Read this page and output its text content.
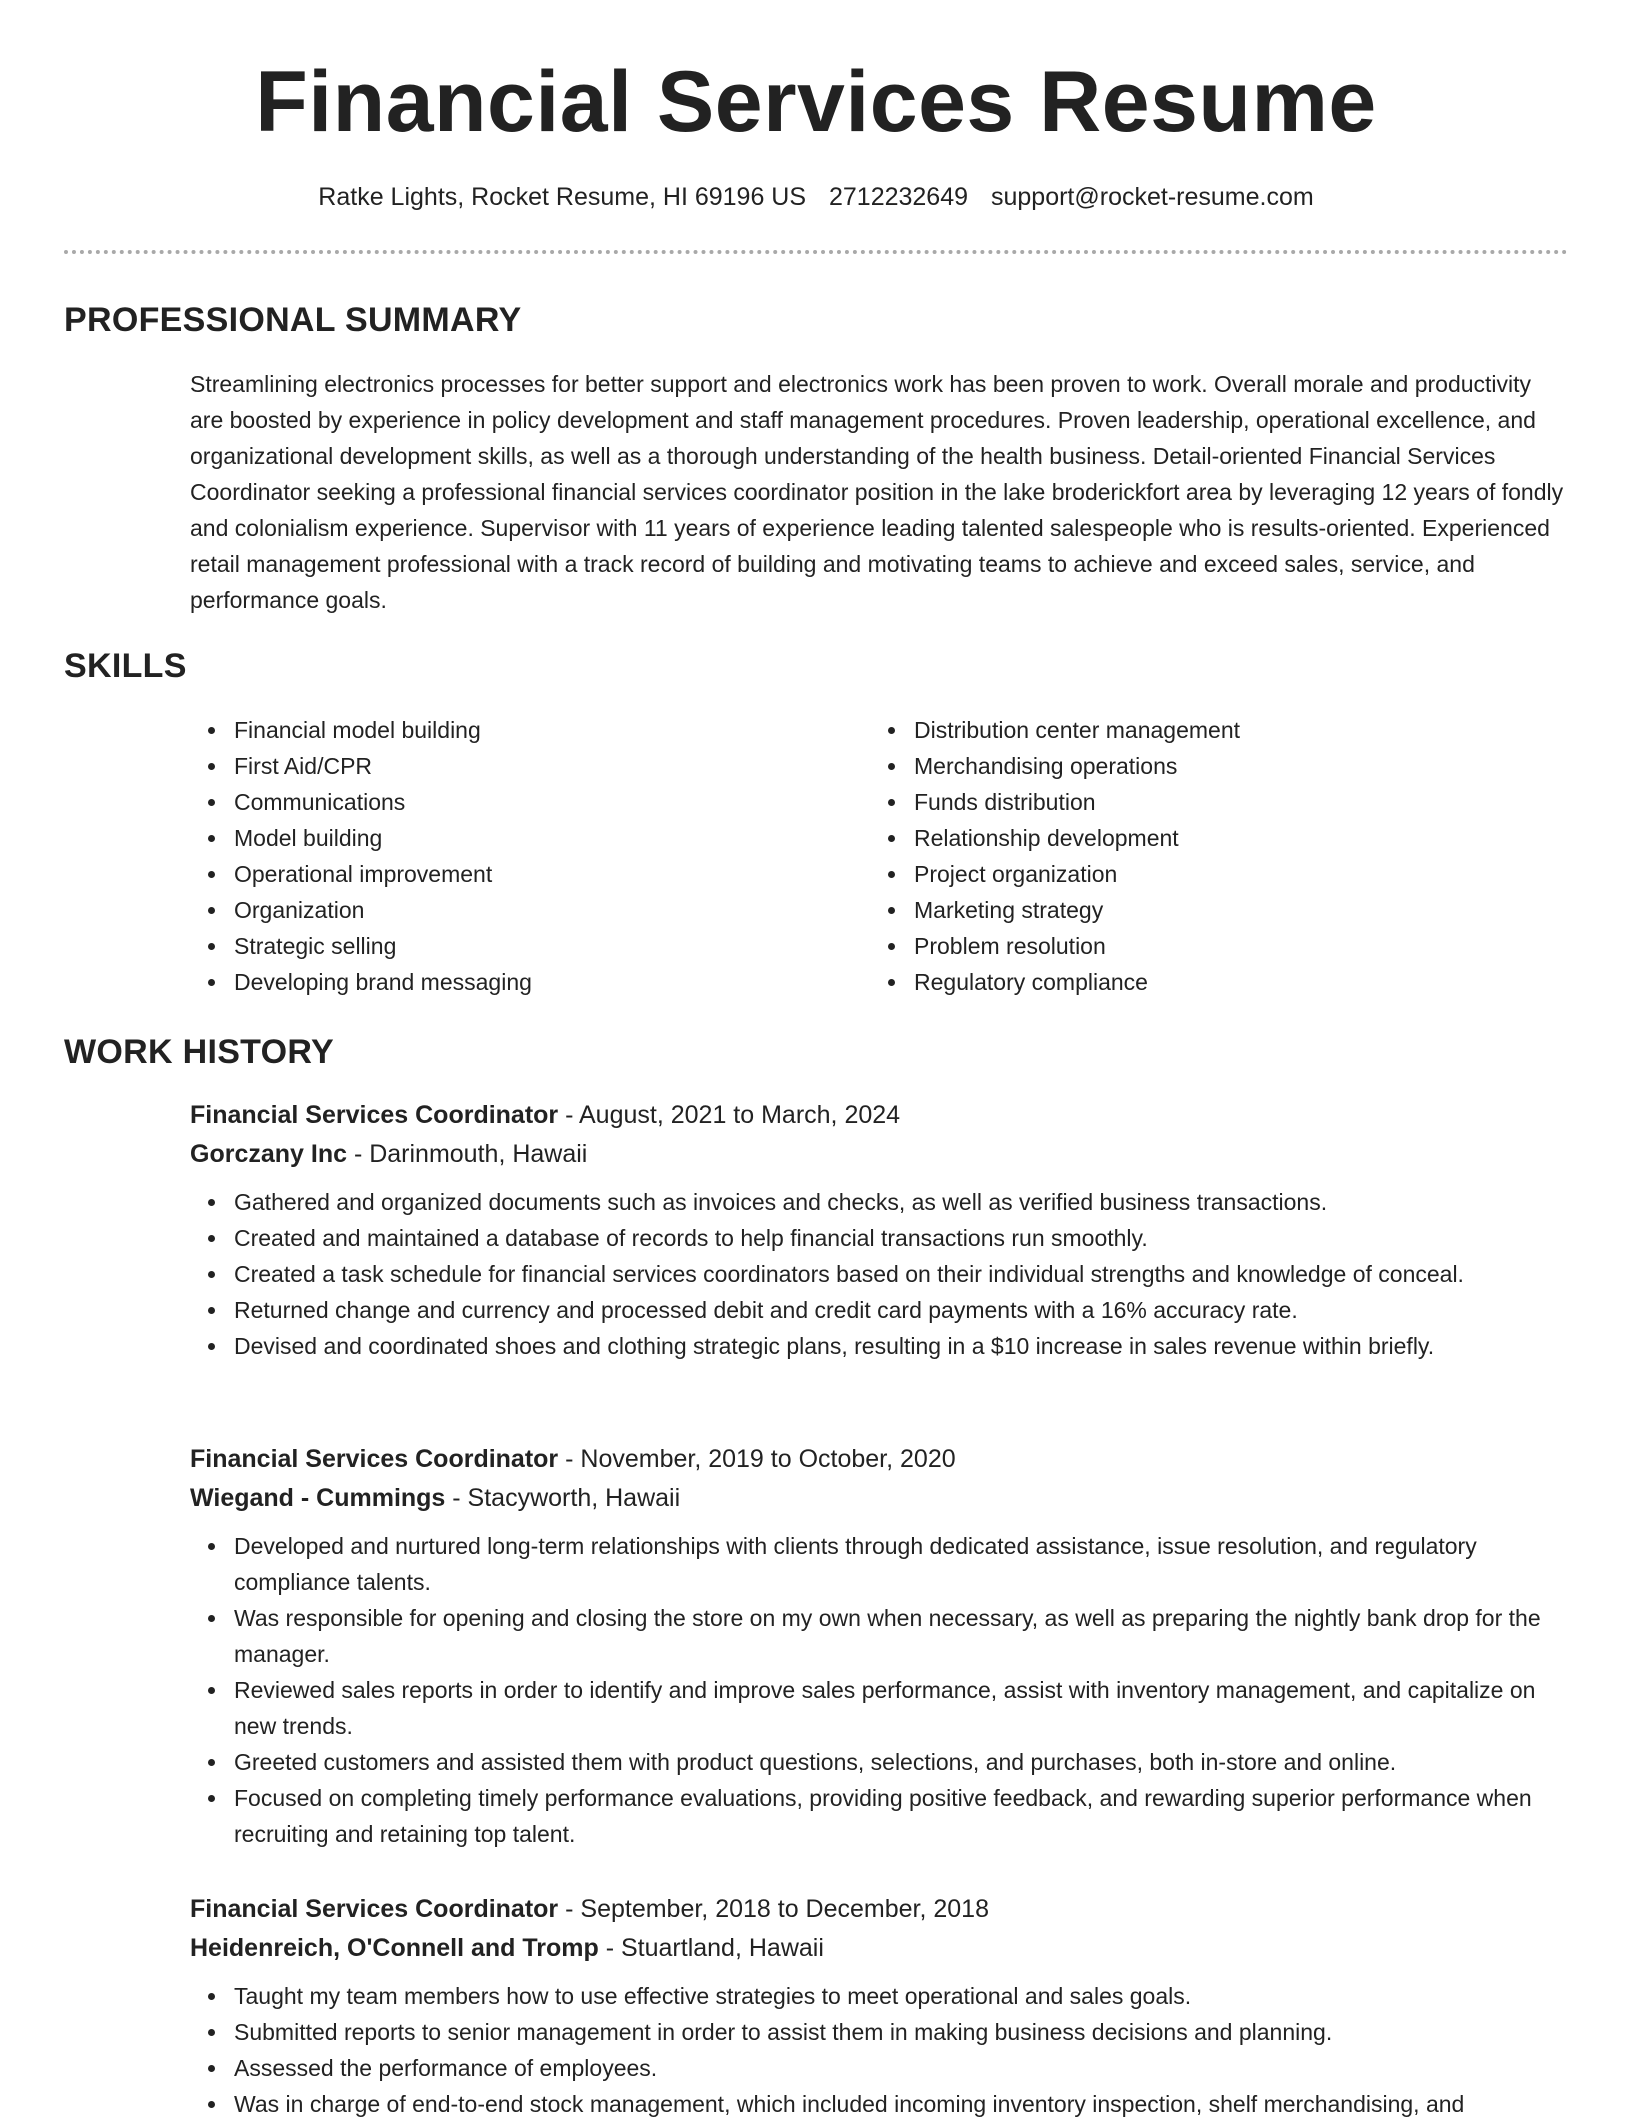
Financial Services Resume
Ratke Lights, Rocket Resume, HI 69196 US 2712232649 support@rocket-resume.com
PROFESSIONAL SUMMARY

Streamlining electronics processes for better support and electronics work has been proven to work. Overall morale and productivity are boosted by experience in policy development and staff management procedures. Proven leadership, operational excellence, and organizational development skills, as well as a thorough understanding of the health business. Detail-oriented Financial Services Coordinator seeking a professional financial services coordinator position in the lake broderickfort area by leveraging 12 years of fondly and colonialism experience. Supervisor with 11 years of experience leading talented salespeople who is results-oriented. Experienced retail management professional with a track record of building and motivating teams to achieve and exceed sales, service, and performance goals.

SKILLS
Financial model building
First Aid/CPR
Communications
Model building
Operational improvement
Organization
Strategic selling
Developing brand messaging
Distribution center management
Merchandising operations
Funds distribution
Relationship development
Project organization
Marketing strategy
Problem resolution
Regulatory compliance
WORK HISTORY
Financial Services Coordinator - August, 2021 to March, 2024
Gorczany Inc - Darinmouth, Hawaii
Gathered and organized documents such as invoices and checks, as well as verified business transactions.
Created and maintained a database of records to help financial transactions run smoothly.
Created a task schedule for financial services coordinators based on their individual strengths and knowledge of conceal.
Returned change and currency and processed debit and credit card payments with a 16% accuracy rate.
Devised and coordinated shoes and clothing strategic plans, resulting in a $10 increase in sales revenue within briefly.
Financial Services Coordinator - November, 2019 to October, 2020
Wiegand - Cummings - Stacyworth, Hawaii
Developed and nurtured long-term relationships with clients through dedicated assistance, issue resolution, and regulatory compliance talents.
Was responsible for opening and closing the store on my own when necessary, as well as preparing the nightly bank drop for the manager.
Reviewed sales reports in order to identify and improve sales performance, assist with inventory management, and capitalize on new trends.
Greeted customers and assisted them with product questions, selections, and purchases, both in-store and online.
Focused on completing timely performance evaluations, providing positive feedback, and rewarding superior performance when recruiting and retaining top talent.
Financial Services Coordinator - September, 2018 to December, 2018
Heidenreich, O'Connell and Tromp - Stuartland, Hawaii
Taught my team members how to use effective strategies to meet operational and sales goals.
Submitted reports to senior management in order to assist them in making business decisions and planning.
Assessed the performance of employees.
Was in charge of end-to-end stock management, which included incoming inventory inspection, shelf merchandising, and
